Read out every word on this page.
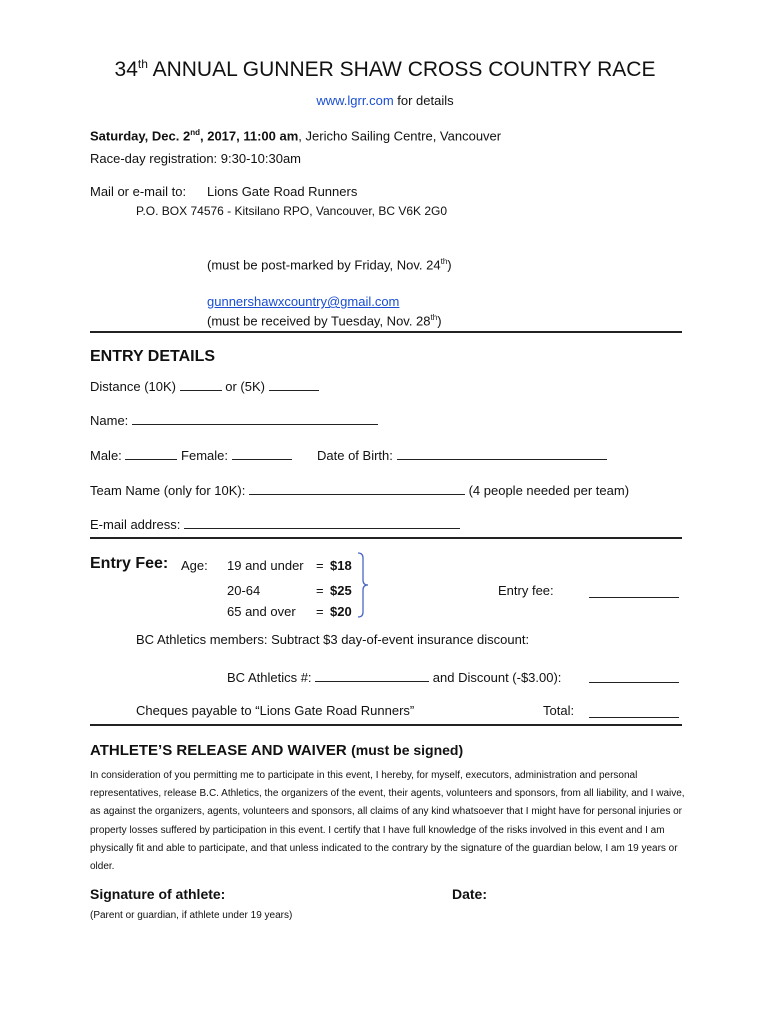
34th ANNUAL GUNNER SHAW CROSS COUNTRY RACE
www.lgrr.com for details
Saturday, Dec. 2nd, 2017, 11:00 am, Jericho Sailing Centre, Vancouver
Race-day registration: 9:30-10:30am
Mail or e-mail to: Lions Gate Road Runners
P.O. BOX 74576 - Kitsilano RPO, Vancouver, BC V6K 2G0
(must be post-marked by Friday, Nov. 24th)
gunnershawxcountry@gmail.com
(must be received by Tuesday, Nov. 28th)
ENTRY DETAILS
Distance (10K)	or (5K)
Name:
Male:	Female:	Date of Birth:
Team Name (only for 10K):	(4 people needed per team)
E-mail address:
Entry Fee: Age: 19 and under = $18
20-64	= $25
65 and over = $20
Entry fee:
BC Athletics members: Subtract $3 day-of-event insurance discount:
BC Athletics #:	and Discount (-$3.00):
Cheques payable to “Lions Gate Road Runners”	Total:
ATHLETE’S RELEASE AND WAIVER (must be signed)
In consideration of you permitting me to participate in this event, I hereby, for myself, executors, administration and personal representatives, release B.C. Athletics, the organizers of the event, their agents, volunteers and sponsors, from all liability, and I waive, as against the organizers, agents, volunteers and sponsors, all claims of any kind whatsoever that I might have for personal injuries or property losses suffered by participation in this event. I certify that I have full knowledge of the risks involved in this event and I am physically fit and able to participate, and that unless indicated to the contrary by the signature of the guardian below, I am 19 years or older.
Signature of athlete:	Date:
(Parent or guardian, if athlete under 19 years)
